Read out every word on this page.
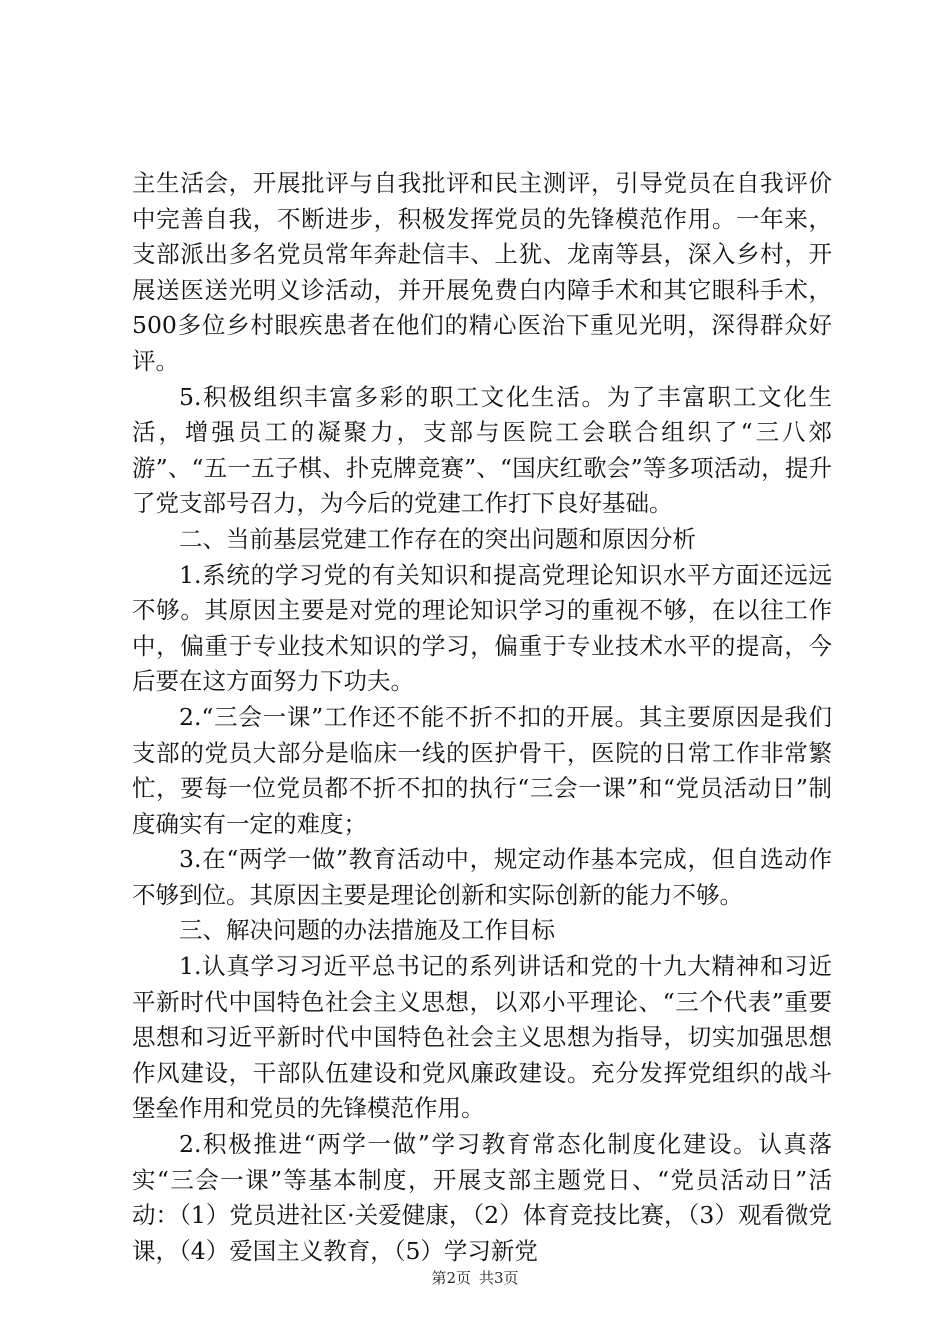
主生活会，开展批评与自我批评和民主测评，引导党员在自我评价中完善自我，不断进步，积极发挥党员的先锋模范作用。一年来，支部派出多名党员常年奔赴信丰、上犹、龙南等县，深入乡村，开展送医送光明义诊活动，并开展免费白内障手术和其它眼科手术，500多位乡村眼疾患者在他们的精心医治下重见光明，深得群众好评。

5.积极组织丰富多彩的职工文化生活。为了丰富职工文化生活，增强员工的凝聚力，支部与医院工会联合组织了“三八郊游”、“五一五子棋、扑克牌竞赛”、“国庆红歌会”等多项活动，提升了党支部号召力，为今后的党建工作打下良好基础。

二、当前基层党建工作存在的突出问题和原因分析

1.系统的学习党的有关知识和提高党理论知识水平方面还远远不够。其原因主要是对党的理论知识学习的重视不够，在以往工作中，偏重于专业技术知识的学习，偏重于专业技术水平的提高，今后要在这方面努力下功夫。

2.“三会一课”工作还不能不折不扣的开展。其主要原因是我们支部的党员大部分是临床一线的医护骨干，医院的日常工作非常繁忙，要每一位党员都不折不扣的执行“三会一课”和“党员活动日”制度确实有一定的难度；

3.在“两学一做”教育活动中，规定动作基本完成，但自选动作不够到位。其原因主要是理论创新和实际创新的能力不够。

三、解决问题的办法措施及工作目标

1.认真学习习近平总书记的系列讲话和党的十九大精神和习近平新时代中国特色社会主义思想，以邓小平理论、“三个代表”重要思想和习近平新时代中国特色社会主义思想为指导，切实加强思想作风建设，干部队伍建设和党风廉政建设。充分发挥党组织的战斗堡垒作用和党员的先锋模范作用。

2.积极推进“两学一做”学习教育常态化制度化建设。认真落实“三会一课”等基本制度，开展支部主题党日、“党员活动日”活动：（1）党员进社区·关爱健康，（2）体育竞技比赛，（3）观看微党课，（4）爱国主义教育，（5）学习新党

第2页 共3页
